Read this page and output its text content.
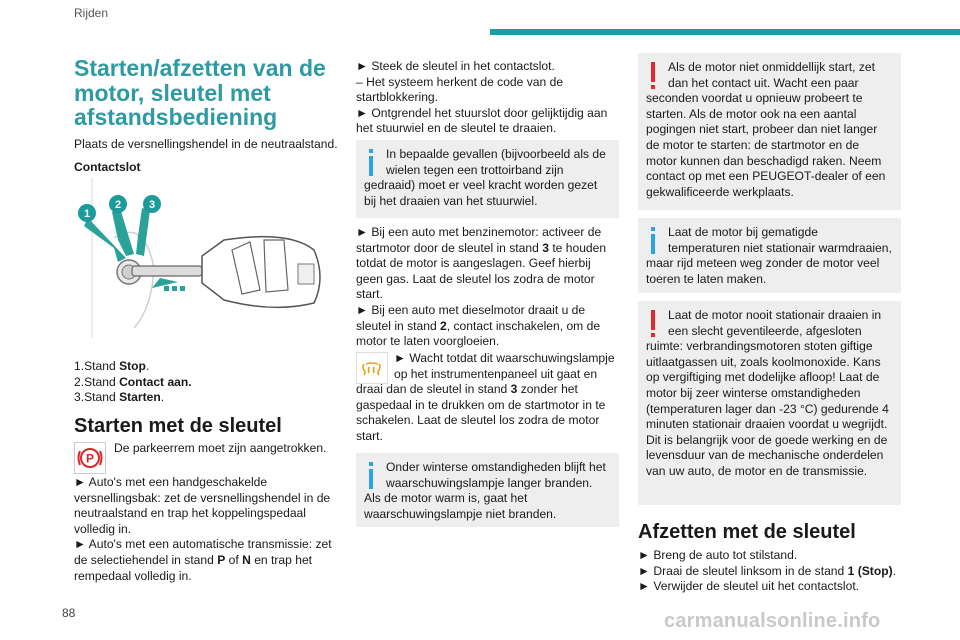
Rijden
Starten/afzetten van de motor, sleutel met afstandsbediening

Plaats de versnellingshendel in de neutraalstand.

Contactslot

1
2	3

1.Stand Stop.

2.Stand Contact aan.

3.Stand Starten.

Starten met de sleutel

P

De parkeerrem moet zijn aangetrokken.

► Auto's met een handgeschakelde versnellingsbak: zet de versnellingshendel in de neutraalstand en trap het koppelingspedaal volledig in.

► Auto's met een automatische transmissie: zet de selectiehendel in stand P of N en trap het rempedaal volledig in.

► Steek de sleutel in het contactslot.

– Het systeem herkent de code van de startblokkering.

► Ontgrendel het stuurslot door gelijktijdig aan het stuurwiel en de sleutel te draaien.

In bepaalde gevallen (bijvoorbeeld als de wielen tegen een trottoirband zijn gedraaid) moet er veel kracht worden gezet bij het draaien van het stuurwiel.

► Bij een auto met benzinemotor: activeer de startmotor door de sleutel in stand 3 te houden totdat de motor is aangeslagen. Geef hierbij geen gas. Laat de sleutel los zodra de motor start.

► Bij een auto met dieselmotor draait u de sleutel in stand 2, contact inschakelen, om de motor te laten voorgloeien.

► Wacht totdat dit waarschuwingslampje op het instrumentenpaneel uit gaat en draai dan de sleutel in stand 3 zonder het gaspedaal in te drukken om de startmotor in te schakelen. Laat de sleutel los zodra de motor start.

Onder winterse omstandigheden blijft het waarschuwingslampje langer branden. Als de motor warm is, gaat het waarschuwingslampje niet branden.

Als de motor niet onmiddellijk start, zet dan het contact uit. Wacht een paar seconden voordat u opnieuw probeert te starten. Als de motor ook na een aantal pogingen niet start, probeer dan niet langer de motor te starten: de startmotor en de motor kunnen dan beschadigd raken. Neem contact op met een PEUGEOT-dealer of een gekwalificeerde werkplaats.

Laat de motor bij gematigde temperaturen niet stationair warmdraaien, maar rijd meteen weg zonder de motor veel toeren te laten maken.

Laat de motor nooit stationair draaien in een slecht geventileerde, afgesloten ruimte: verbrandingsmotoren stoten giftige uitlaatgassen uit, zoals koolmonoxide. Kans op vergiftiging met dodelijke afloop! Laat de motor bij zeer winterse omstandigheden (temperaturen lager dan -23 °C) gedurende 4 minuten stationair draaien voordat u wegrijdt. Dit is belangrijk voor de goede werking en de levensduur van de mechanische onderdelen van uw auto, de motor en de transmissie.

Afzetten met de sleutel

► Breng de auto tot stilstand.

► Draai de sleutel linksom in de stand 1 (Stop).

► Verwijder de sleutel uit het contactslot.

88	carmanualsonline.info
